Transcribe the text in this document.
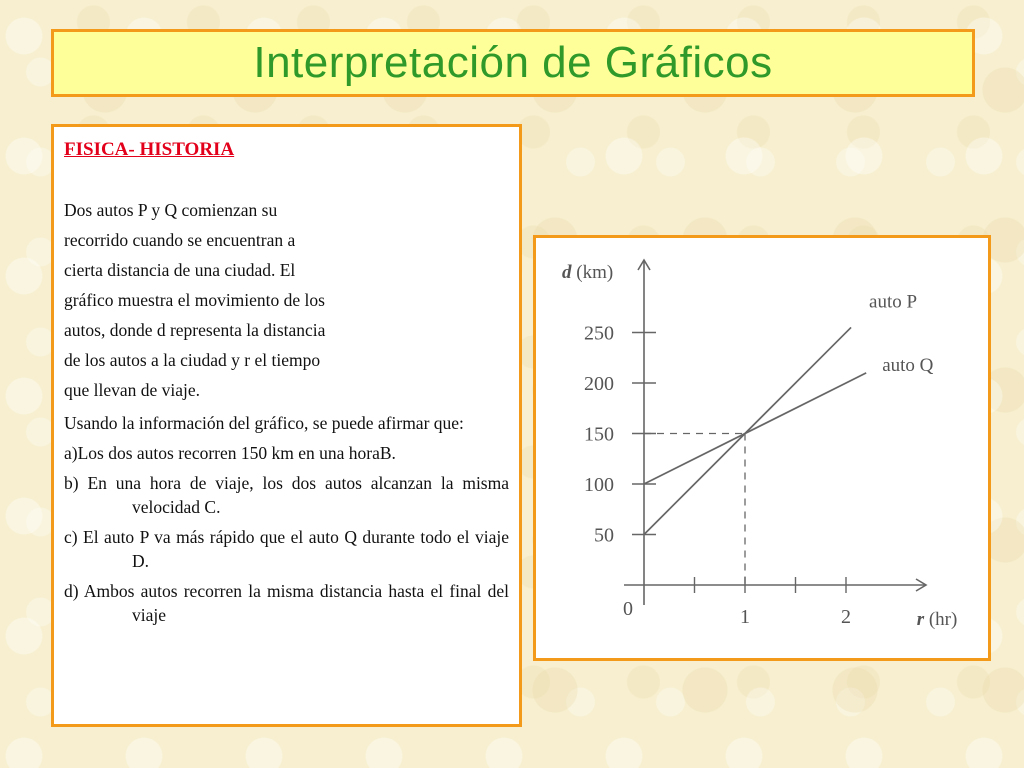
Interpretación de Gráficos
FISICA- HISTORIA
Dos autos P y Q comienzan su
recorrido cuando se encuentran a
cierta distancia de una ciudad. El
gráfico muestra el movimiento de los
autos, donde d representa la distancia
de los autos a la ciudad y r el tiempo
que llevan de viaje.
Usando la información del gráfico, se puede afirmar que:
a)Los dos autos recorren 150 km en una horaB.
b) En una hora de viaje, los dos autos alcanzan la misma velocidad C.
c) El auto P va más rápido que el auto Q durante todo el viaje D.
d) Ambos autos recorren la misma distancia hasta el final del viaje
50
100
150
200
250
1	2
0
d (km)
r (hr)
auto P
auto Q
